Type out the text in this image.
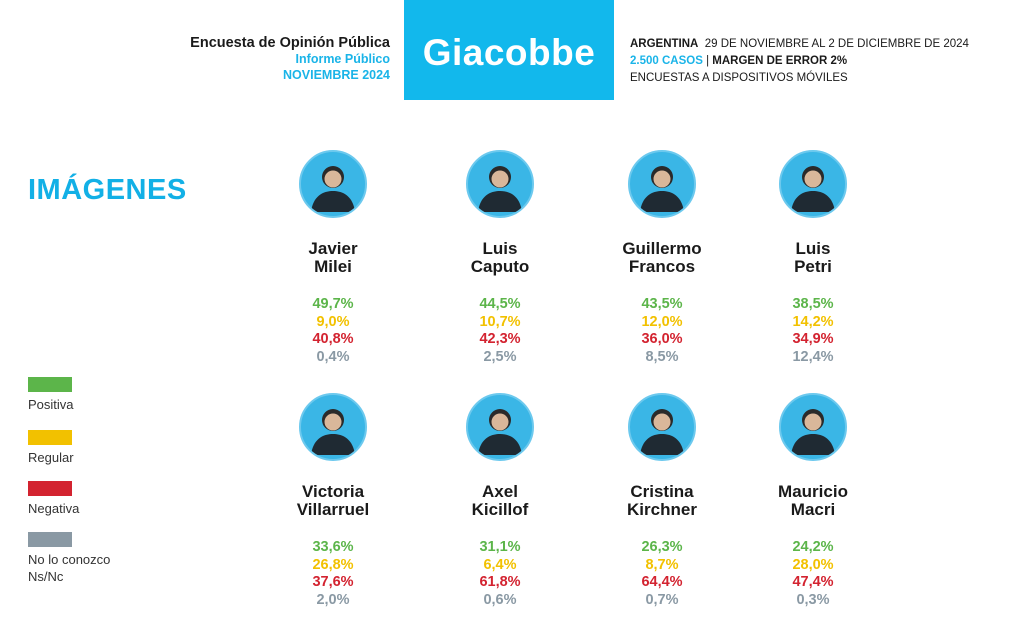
Encuesta de Opinión Pública
Informe Público
NOVIEMBRE 2024
Giacobbe	ARGENTINA 29 DE NOVIEMBRE AL 2 DE DICIEMBRE DE 2024
2.500 CASOS | MARGEN DE ERROR 2%
ENCUESTAS A DISPOSITIVOS MÓVILES
IMÁGENES
Positiva
Regular
Negativa
No lo conozco
Ns/Nc
Javier
Milei
49,7%
9,0%
40,8%
0,4%
Luis
Caputo
44,5%
10,7%
42,3%
2,5%
Guillermo
Francos
43,5%
12,0%
36,0%
8,5%
Luis
Petri
38,5%
14,2%
34,9%
12,4%
Victoria
Villarruel
33,6%
26,8%
37,6%
2,0%
Axel
Kicillof
31,1%
6,4%
61,8%
0,6%
Cristina
Kirchner
26,3%
8,7%
64,4%
0,7%
Mauricio
Macri
24,2%
28,0%
47,4%
0,3%
